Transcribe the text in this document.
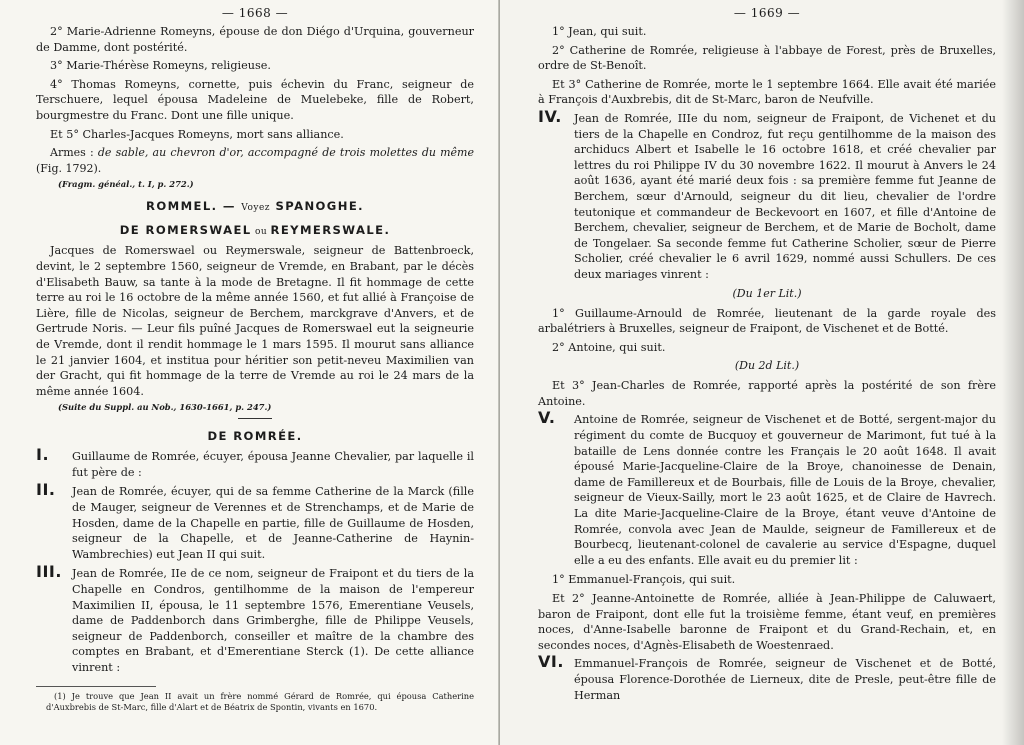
— 1668 —

2° Marie-Adrienne Romeyns, épouse de don Diégo d'Urquina, gouverneur de Damme, dont postérité.

3° Marie-Thérèse Romeyns, religieuse.

4° Thomas Romeyns, cornette, puis échevin du Franc, seigneur de Terschuere, lequel épousa Madeleine de Muelebeke, fille de Robert, bourgmestre du Franc. Dont une fille unique.

Et 5° Charles-Jacques Romeyns, mort sans alliance.

Armes : de sable, au chevron d'or, accompagné de trois molettes du même (Fig. 1792).

(Fragm. généal., t. I, p. 272.)
ROMMEL. — Voyez SPANOGHE.
DE ROMERSWAEL ou REYMERSWALE.

Jacques de Romerswael ou Reymerswale, seigneur de Battenbroeck, devint, le 2 septembre 1560, seigneur de Vremde, en Brabant, par le décès d'Elisabeth Bauw, sa tante à la mode de Bretagne. Il fit hommage de cette terre au roi le 16 octobre de la même année 1560, et fut allié à Françoise de Lière, fille de Nicolas, seigneur de Berchem, marckgrave d'Anvers, et de Gertrude Noris. — Leur fils puîné Jacques de Romerswael eut la seigneurie de Vremde, dont il rendit hommage le 1 mars 1595. Il mourut sans alliance le 21 janvier 1604, et institua pour héritier son petit-neveu Maximilien van der Gracht, qui fit hommage de la terre de Vremde au roi le 24 mars de la même année 1604.

(Suite du Suppl. au Nob., 1630-1661, p. 247.)
DE ROMRÉE.
I. Guillaume de Romrée, écuyer, épousa Jeanne Chevalier, par laquelle il fut père de :
II. Jean de Romrée, écuyer, qui de sa femme Catherine de la Marck (fille de Mauger, seigneur de Verennes et de Strenchamps, et de Marie de Hosden, dame de la Chapelle en partie, fille de Guillaume de Hosden, seigneur de la Chapelle, et de Jeanne-Catherine de Haynin-Wambrechies) eut Jean II qui suit.
III. Jean de Romrée, IIe de ce nom, seigneur de Fraipont et du tiers de la Chapelle en Condros, gentilhomme de la maison de l'empereur Maximilien II, épousa, le 11 septembre 1576, Emerentiane Veusels, dame de Paddenborch dans Grimberghe, fille de Philippe Veusels, seigneur de Paddenborch, conseiller et maître de la chambre des comptes en Brabant, et d'Emerentiane Sterck (1). De cette alliance vinrent :
(1) Je trouve que Jean II avait un frère nommé Gérard de Romrée, qui épousa Catherine d'Auxbrebis de St-Marc, fille d'Alart et de Béatrix de Spontin, vivants en 1670.
— 1669 —

1° Jean, qui suit.

2° Catherine de Romrée, religieuse à l'abbaye de Forest, près de Bruxelles, ordre de St-Benoît.

Et 3° Catherine de Romrée, morte le 1 septembre 1664. Elle avait été mariée à François d'Auxbrebis, dit de St-Marc, baron de Neufville.

IV. Jean de Romrée, IIIe du nom, seigneur de Fraipont, de Vichenet et du tiers de la Chapelle en Condroz, fut reçu gentilhomme de la maison des archiducs Albert et Isabelle le 16 octobre 1618, et créé chevalier par lettres du roi Philippe IV du 30 novembre 1622. Il mourut à Anvers le 24 août 1636, ayant été marié deux fois : sa première femme fut Jeanne de Berchem, sœur d'Arnould, seigneur du dit lieu, chevalier de l'ordre teutonique et commandeur de Beckevoort en 1607, et fille d'Antoine de Berchem, chevalier, seigneur de Berchem, et de Marie de Bocholt, dame de Tongelaer. Sa seconde femme fut Catherine Scholier, sœur de Pierre Scholier, créé chevalier le 6 avril 1629, nommé aussi Schullers. De ces deux mariages vinrent :
(Du 1er Lit.)

1° Guillaume-Arnould de Romrée, lieutenant de la garde royale des arbalétriers à Bruxelles, seigneur de Fraipont, de Vischenet et de Botté.

2° Antoine, qui suit.

(Du 2d Lit.)

Et 3° Jean-Charles de Romrée, rapporté après la postérité de son frère Antoine.

V. Antoine de Romrée, seigneur de Vischenet et de Botté, sergent-major du régiment du comte de Bucquoy et gouverneur de Marimont, fut tué à la bataille de Lens donnée contre les Français le 20 août 1648. Il avait épousé Marie-Jacqueline-Claire de la Broye, chanoinesse de Denain, dame de Famillereux et de Bourbais, fille de Louis de la Broye, chevalier, seigneur de Vieux-Sailly, mort le 23 août 1625, et de Claire de Havrech. La dite Marie-Jacqueline-Claire de la Broye, étant veuve d'Antoine de Romrée, convola avec Jean de Maulde, seigneur de Famillereux et de Bourbecq, lieutenant-colonel de cavalerie au service d'Espagne, duquel elle a eu des enfants. Elle avait eu du premier lit :

1° Emmanuel-François, qui suit.

Et 2° Jeanne-Antoinette de Romrée, alliée à Jean-Philippe de Caluwaert, baron de Fraipont, dont elle fut la troisième femme, étant veuf, en premières noces, d'Anne-Isabelle baronne de Fraipont et du Grand-Rechain, et, en secondes noces, d'Agnès-Elisabeth de Woestenraed.

VI. Emmanuel-François de Romrée, seigneur de Vischenet et de Botté, épousa Florence-Dorothée de Lierneux, dite de Presle, peut-être fille de Herman
